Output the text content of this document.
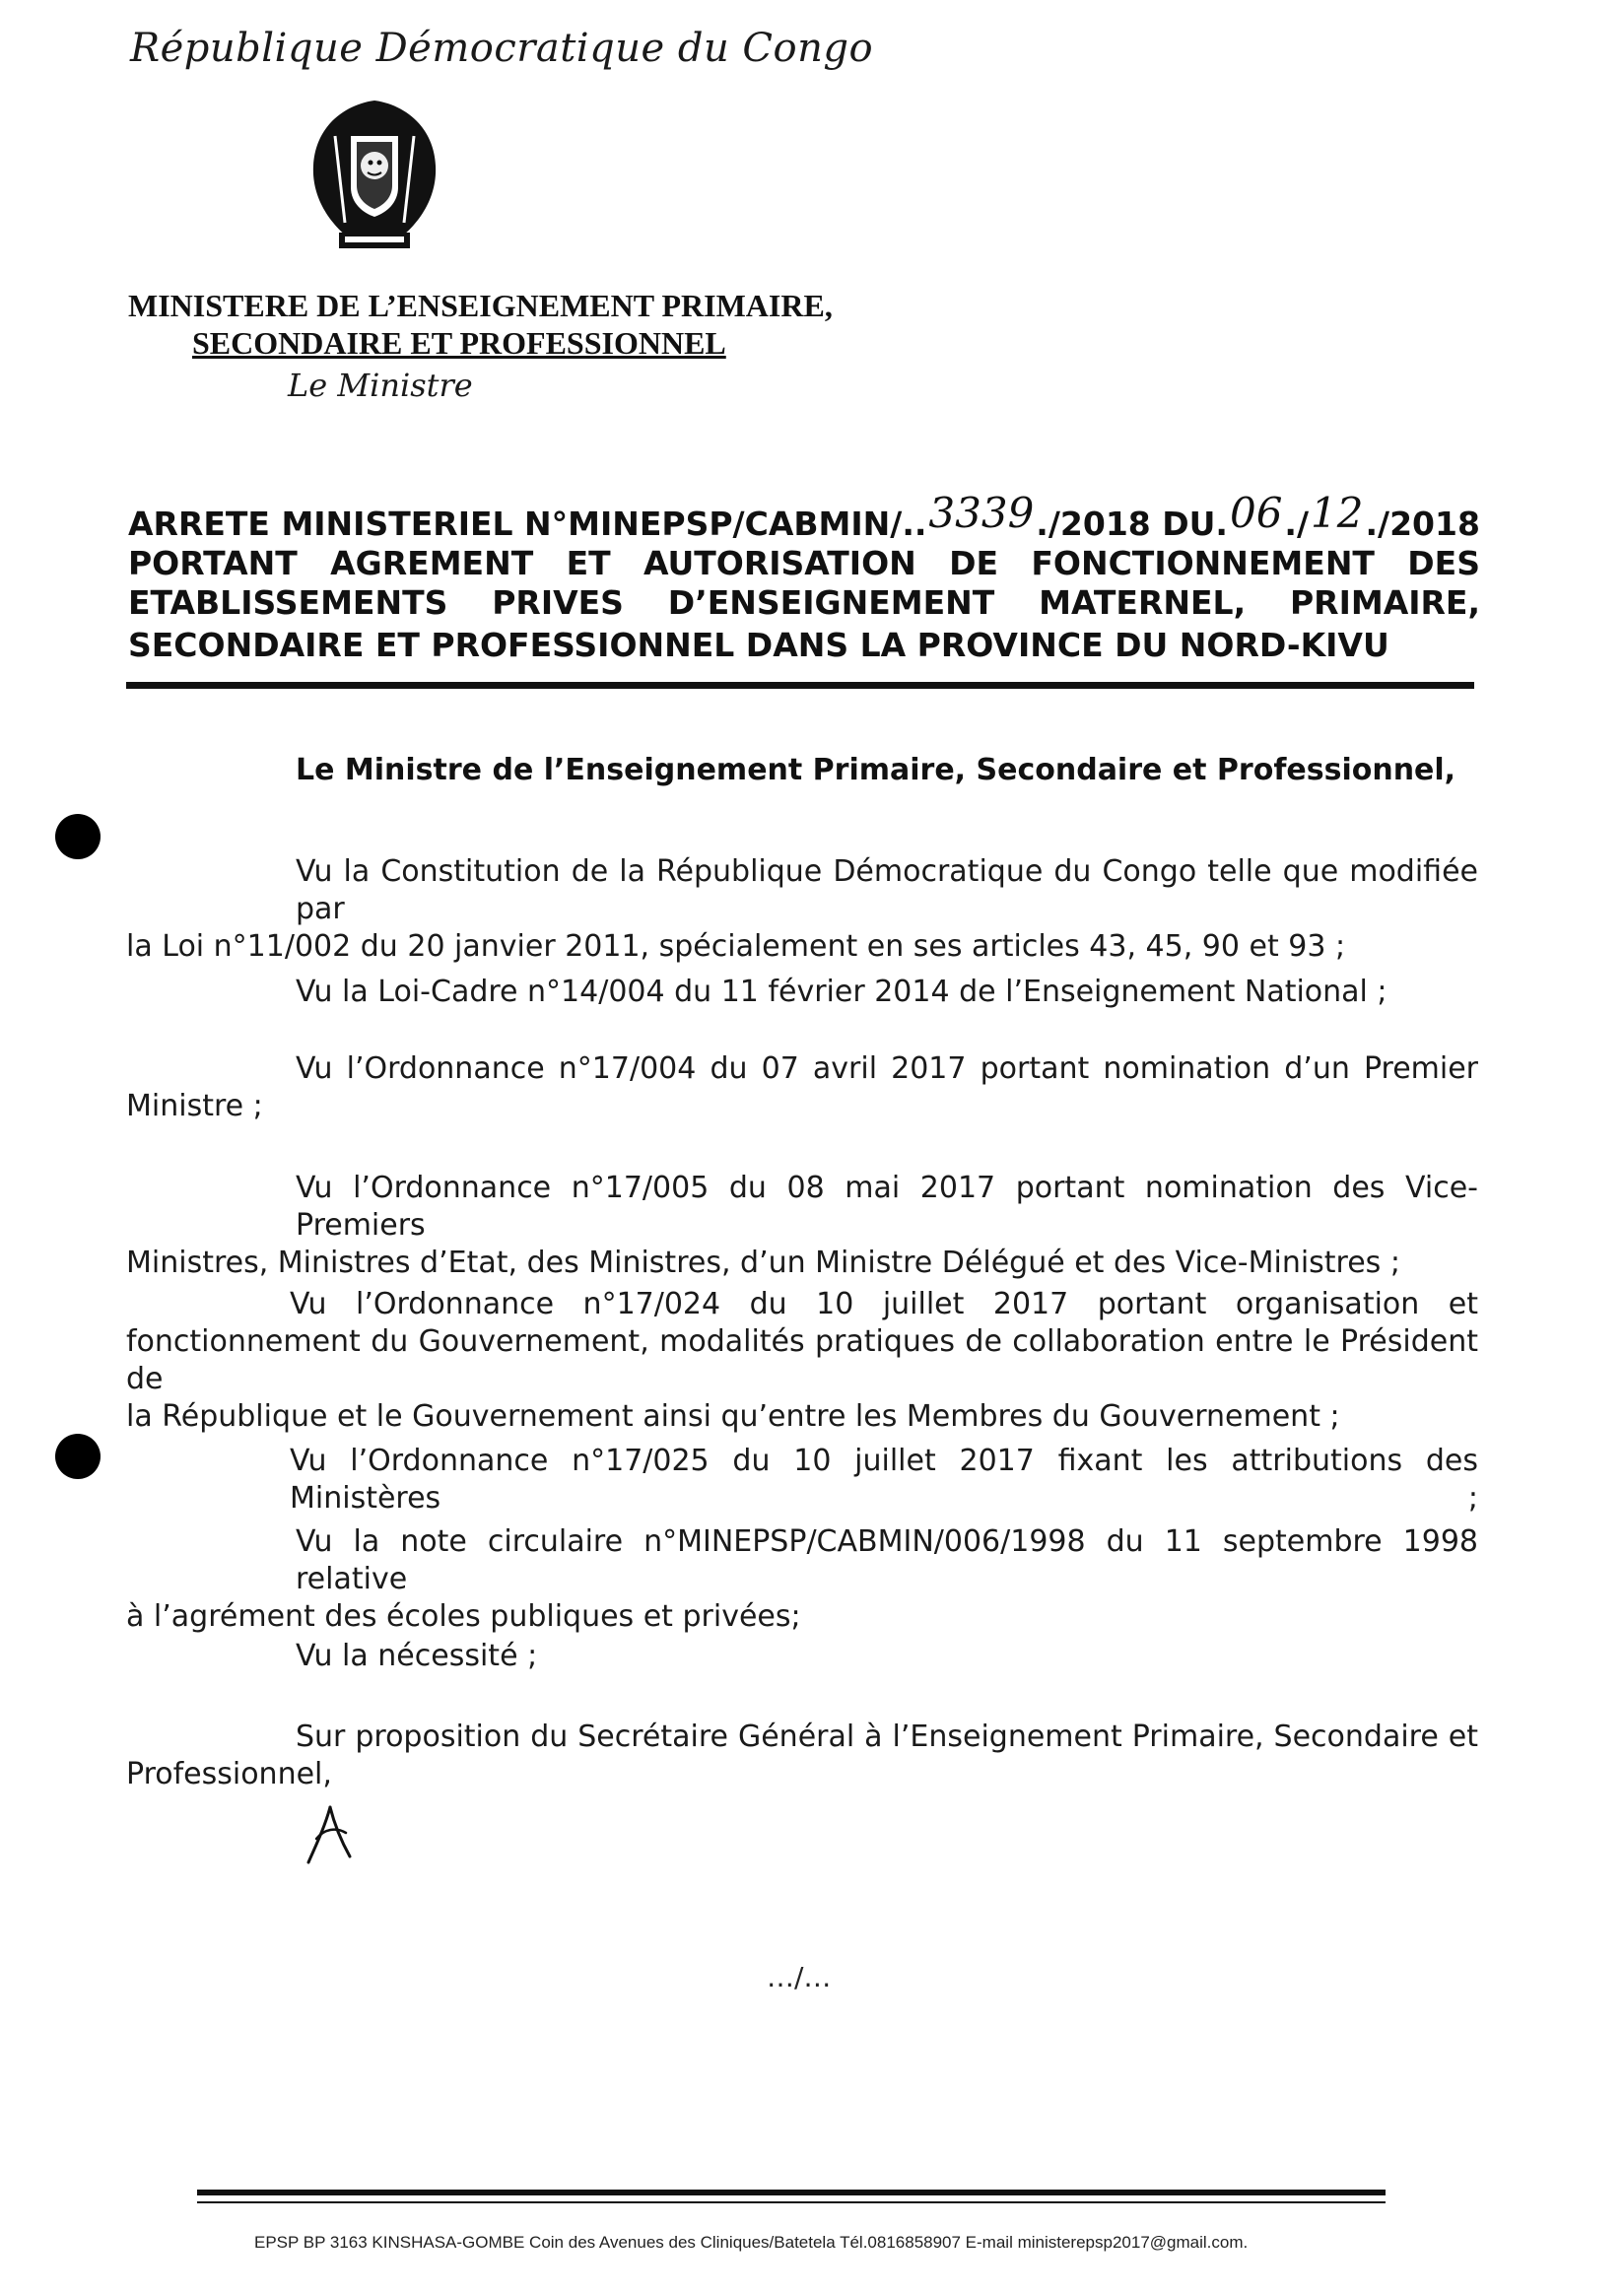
République Démocratique du Congo
MINISTERE DE L’ENSEIGNEMENT PRIMAIRE,
SECONDAIRE ET PROFESSIONNEL
Le Ministre
ARRETE MINISTERIEL N°MINEPSP/CABMIN/ .. 3339 . /2018 DU. 06 ./ 12 . /2018
PORTANT AGREMENT ET AUTORISATION DE FONCTIONNEMENT DES
ETABLISSEMENTS PRIVES D’ENSEIGNEMENT MATERNEL, PRIMAIRE,
SECONDAIRE ET PROFESSIONNEL DANS LA PROVINCE DU NORD-KIVU
Le Ministre de l’Enseignement Primaire, Secondaire et Professionnel,
Vu la Constitution de la République Démocratique du Congo telle que modifiée par
la Loi n°11/002 du 20 janvier 2011, spécialement en ses articles 43, 45, 90 et 93 ;
Vu la Loi-Cadre n°14/004 du 11 février 2014 de l’Enseignement National ;
Vu l’Ordonnance n°17/004 du 07 avril 2017 portant nomination d’un Premier
Ministre ;
Vu l’Ordonnance n°17/005 du 08 mai 2017 portant nomination des Vice-Premiers
Ministres, Ministres d’Etat, des Ministres, d’un Ministre Délégué et des Vice-Ministres ;
Vu l’Ordonnance n°17/024 du 10 juillet 2017 portant organisation et
fonctionnement du Gouvernement, modalités pratiques de collaboration entre le Président de
la République et le Gouvernement ainsi qu’entre les Membres du Gouvernement ;
Vu l’Ordonnance n°17/025 du 10 juillet 2017 fixant les attributions des Ministères ;
Vu la note circulaire n°MINEPSP/CABMIN/006/1998 du 11 septembre 1998 relative
à l’agrément des écoles publiques et privées;
Vu la nécessité ;
Sur proposition du Secrétaire Général à l’Enseignement Primaire, Secondaire et
Professionnel,
…/…
EPSP BP 3163 KINSHASA-GOMBE Coin des Avenues des Cliniques/Batetela Tél.0816858907 E-mail ministerepsp2017@gmail.com.
